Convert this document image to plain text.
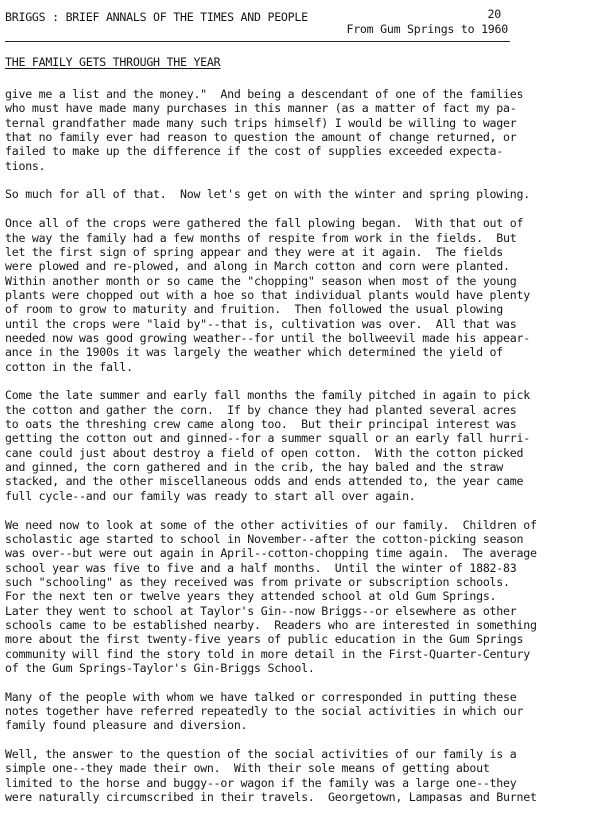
BRIGGS : BRIEF ANNALS OF THE TIMES AND PEOPLE	20
From Gum Springs to 1960
THE FAMILY GETS THROUGH THE YEAR
give me a list and the money."  And being a descendant of one of the families
who must have made many purchases in this manner (as a matter of fact my pa-
ternal grandfather made many such trips himself) I would be willing to wager
that no family ever had reason to question the amount of change returned, or
failed to make up the difference if the cost of supplies exceeded expecta-
tions.
So much for all of that.  Now let's get on with the winter and spring plowing.
Once all of the crops were gathered the fall plowing began.  With that out of
the way the family had a few months of respite from work in the fields.  But
let the first sign of spring appear and they were at it again.  The fields
were plowed and re-plowed, and along in March cotton and corn were planted.
Within another month or so came the "chopping" season when most of the young
plants were chopped out with a hoe so that individual plants would have plenty
of room to grow to maturity and fruition.  Then followed the usual plowing
until the crops were "laid by"--that is, cultivation was over.  All that was
needed now was good growing weather--for until the bollweevil made his appear-
ance in the 1900s it was largely the weather which determined the yield of
cotton in the fall.
Come the late summer and early fall months the family pitched in again to pick
the cotton and gather the corn.  If by chance they had planted several acres
to oats the threshing crew came along too.  But their principal interest was
getting the cotton out and ginned--for a summer squall or an early fall hurri-
cane could just about destroy a field of open cotton.  With the cotton picked
and ginned, the corn gathered and in the crib, the hay baled and the straw
stacked, and the other miscellaneous odds and ends attended to, the year came
full cycle--and our family was ready to start all over again.
We need now to look at some of the other activities of our family.  Children of
scholastic age started to school in November--after the cotton-picking season
was over--but were out again in April--cotton-chopping time again.  The average
school year was five to five and a half months.  Until the winter of 1882-83
such "schooling" as they received was from private or subscription schools.
For the next ten or twelve years they attended school at old Gum Springs.
Later they went to school at Taylor's Gin--now Briggs--or elsewhere as other
schools came to be established nearby.  Readers who are interested in something
more about the first twenty-five years of public education in the Gum Springs
community will find the story told in more detail in the First-Quarter-Century
of the Gum Springs-Taylor's Gin-Briggs School.
Many of the people with whom we have talked or corresponded in putting these
notes together have referred repeatedly to the social activities in which our
family found pleasure and diversion.
Well, the answer to the question of the social activities of our family is a
simple one--they made their own.  With their sole means of getting about
limited to the horse and buggy--or wagon if the family was a large one--they
were naturally circumscribed in their travels.  Georgetown, Lampasas and Burnet
